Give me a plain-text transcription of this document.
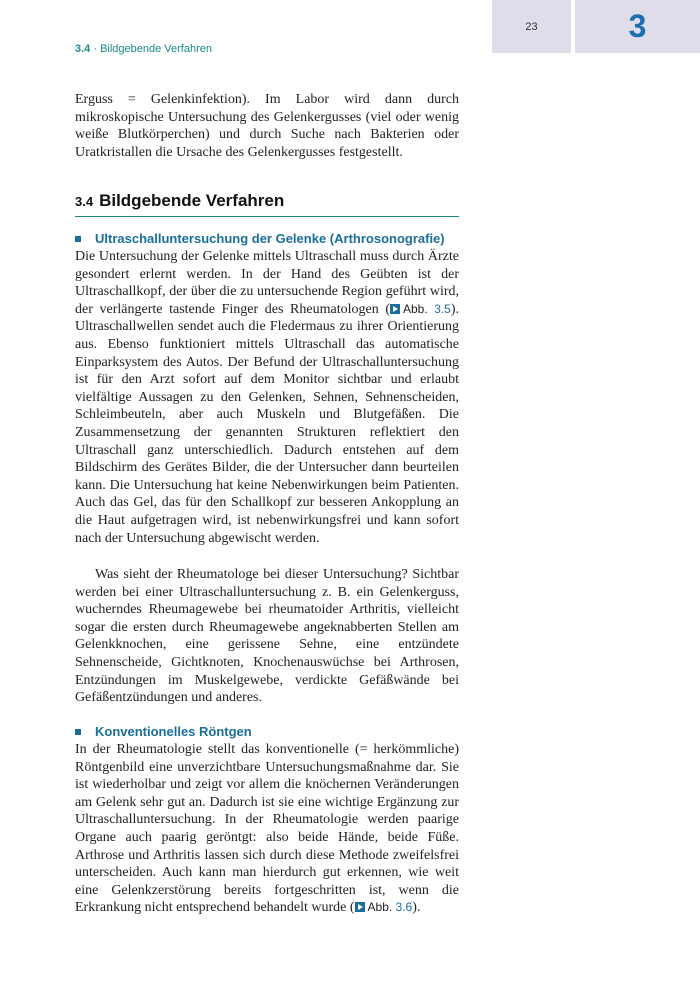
23	3
3.4 · Bildgebende Verfahren

Erguss = Gelenkinfektion). Im Labor wird dann durch mikroskopische Untersuchung des Gelenkergusses (viel oder wenig weiße Blutkörperchen) und durch Suche nach Bakterien oder Uratkristallen die Ursache des Gelenkergusses festgestellt.

3.4 Bildgebende Verfahren
Ultraschalluntersuchung der Gelenke (Arthrosonografie)

Die Untersuchung der Gelenke mittels Ultraschall muss durch Ärzte gesondert erlernt werden. In der Hand des Geübten ist der Ultraschallkopf, der über die zu untersuchende Region geführt wird, der verlängerte tastende Finger des Rheumatologen ( Abb. 3.5). Ultraschallwellen sendet auch die Fledermaus zu ihrer Orientierung aus. Ebenso funktioniert mittels Ultraschall das automatische Einparksystem des Autos. Der Befund der Ultraschalluntersuchung ist für den Arzt sofort auf dem Monitor sichtbar und erlaubt vielfältige Aussagen zu den Gelenken, Sehnen, Sehnenscheiden, Schleimbeuteln, aber auch Muskeln und Blutgefäßen. Die Zusammensetzung der genannten Strukturen reflektiert den Ultraschall ganz unterschiedlich. Dadurch entstehen auf dem Bildschirm des Gerätes Bilder, die der Untersucher dann beurteilen kann. Die Untersuchung hat keine Nebenwirkungen beim Patienten. Auch das Gel, das für den Schallkopf zur besseren Ankopplung an die Haut aufgetragen wird, ist nebenwirkungsfrei und kann sofort nach der Untersuchung abgewischt werden.

Was sieht der Rheumatologe bei dieser Untersuchung? Sichtbar werden bei einer Ultraschalluntersuchung z. B. ein Gelenkerguss, wucherndes Rheumagewebe bei rheumatoider Arthritis, vielleicht sogar die ersten durch Rheumagewebe angeknabberten Stellen am Gelenkknochen, eine gerissene Sehne, eine entzündete Sehnenscheide, Gichtknoten, Knochenauswüchse bei Arthrosen, Entzündungen im Muskelgewebe, verdickte Gefäßwände bei Gefäßentzündungen und anderes.

Konventionelles Röntgen

In der Rheumatologie stellt das konventionelle (= herkömmliche) Röntgenbild eine unverzichtbare Untersuchungsmaßnahme dar. Sie ist wiederholbar und zeigt vor allem die knöchernen Veränderungen am Gelenk sehr gut an. Dadurch ist sie eine wichtige Ergänzung zur Ultraschalluntersuchung. In der Rheumatologie werden paarige Organe auch paarig geröntgt: also beide Hände, beide Füße. Arthrose und Arthritis lassen sich durch diese Methode zweifelsfrei unterscheiden. Auch kann man hierdurch gut erkennen, wie weit eine Gelenkzerstörung bereits fortgeschritten ist, wenn die Erkrankung nicht entsprechend behandelt wurde ( Abb. 3.6).
